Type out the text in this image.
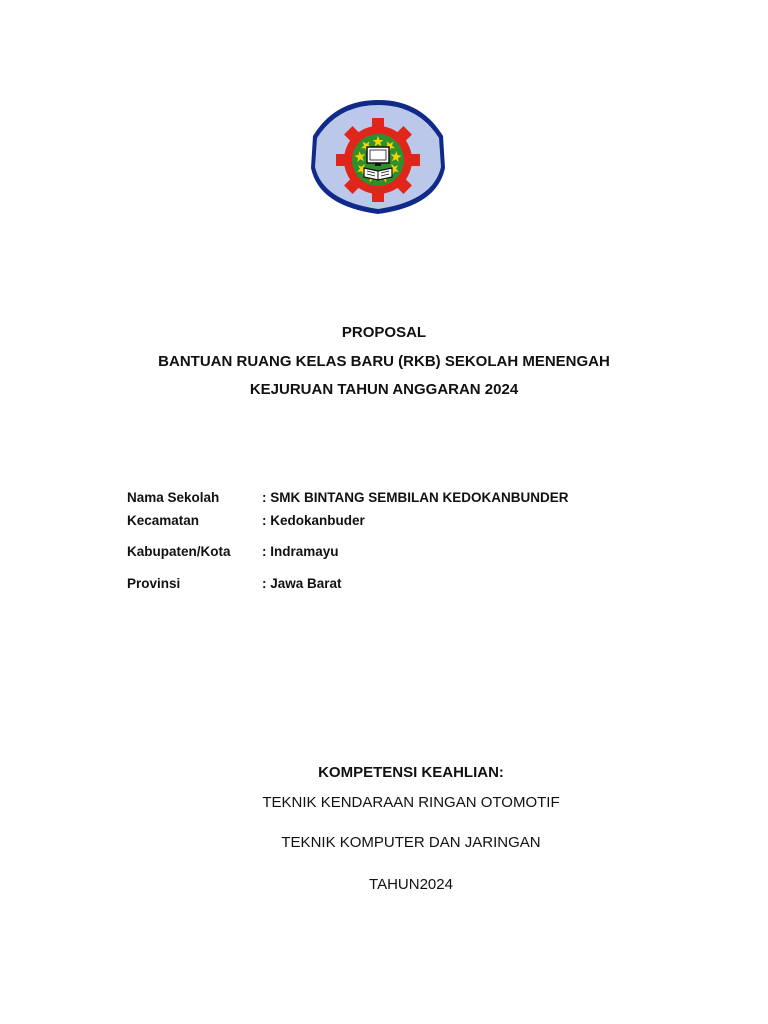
PROPOSAL
BANTUAN RUANG KELAS BARU (RKB) SEKOLAH MENENGAH
KEJURUAN TAHUN ANGGARAN 2024
Nama Sekolah	: SMK BINTANG SEMBILAN KEDOKANBUNDER
Kecamatan	: Kedokanbuder
Kabupaten/Kota : Indramayu
Provinsi	: Jawa Barat
KOMPETENSI KEAHLIAN:
TEKNIK KENDARAAN RINGAN OTOMOTIF
TEKNIK KOMPUTER DAN JARINGAN
TAHUN2024
